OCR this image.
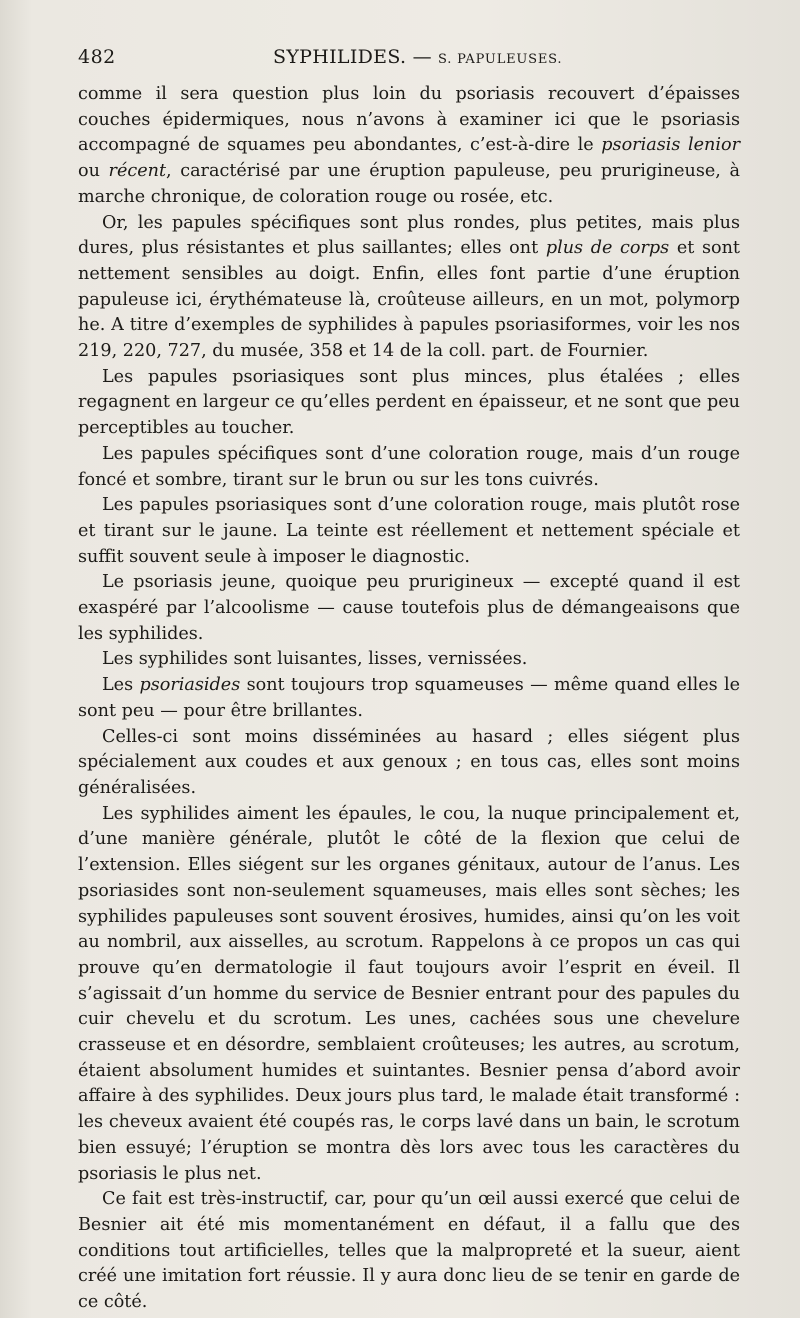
482	SYPHILIDES. — S. PAPULEUSES.

comme il sera question plus loin du psoriasis recouvert d’épaisses couches épidermiques, nous n’avons à examiner ici que le psoriasis accompagné de squames peu abondantes, c’est-à-dire le psoriasis lenior ou récent, caractérisé par une éruption papuleuse, peu prurigineuse, à marche chronique, de coloration rouge ou rosée, etc.

Or, les papules spécifiques sont plus rondes, plus petites, mais plus dures, plus résistantes et plus saillantes; elles ont plus de corps et sont nettement sensibles au doigt. Enfin, elles font partie d’une éruption papuleuse ici, érythémateuse là, croûteuse ailleurs, en un mot, polymorp he. A titre d’exemples de syphilides à papules psoriasiformes, voir les nos 219, 220, 727, du musée, 358 et 14 de la coll. part. de Fournier.

Les papules psoriasiques sont plus minces, plus étalées ; elles regagnent en largeur ce qu’elles perdent en épaisseur, et ne sont que peu perceptibles au toucher.

Les papules spécifiques sont d’une coloration rouge, mais d’un rouge foncé et sombre, tirant sur le brun ou sur les tons cuivrés.

Les papules psoriasiques sont d’une coloration rouge, mais plutôt rose et tirant sur le jaune. La teinte est réellement et nettement spéciale et suffit souvent seule à imposer le diagnostic.

Le psoriasis jeune, quoique peu prurigineux — excepté quand il est exaspéré par l’alcoolisme — cause toutefois plus de démangeaisons que les syphilides.

Les syphilides sont luisantes, lisses, vernissées.

Les psoriasides sont toujours trop squameuses — même quand elles le sont peu — pour être brillantes.

Celles-ci sont moins disséminées au hasard ; elles siégent plus spécialement aux coudes et aux genoux ; en tous cas, elles sont moins généralisées.

Les syphilides aiment les épaules, le cou, la nuque principalement et, d’une manière générale, plutôt le côté de la flexion que celui de l’extension. Elles siégent sur les organes génitaux, autour de l’anus. Les psoriasides sont non-seulement squameuses, mais elles sont sèches; les syphilides papuleuses sont souvent érosives, humides, ainsi qu’on les voit au nombril, aux aisselles, au scrotum. Rappelons à ce propos un cas qui prouve qu’en dermatologie il faut toujours avoir l’esprit en éveil. Il s’agissait d’un homme du service de Besnier entrant pour des papules du cuir chevelu et du scrotum. Les unes, cachées sous une chevelure crasseuse et en désordre, semblaient croûteuses; les autres, au scrotum, étaient absolument humides et suintantes. Besnier pensa d’abord avoir affaire à des syphilides. Deux jours plus tard, le malade était transformé : les cheveux avaient été coupés ras, le corps lavé dans un bain, le scrotum bien essuyé; l’éruption se montra dès lors avec tous les caractères du psoriasis le plus net.

Ce fait est très-instructif, car, pour qu’un œil aussi exercé que celui de Besnier ait été mis momentanément en défaut, il a fallu que des conditions tout artificielles, telles que la malpropreté et la sueur, aient créé une imitation fort réussie. Il y aura donc lieu de se tenir en garde de ce côté.
